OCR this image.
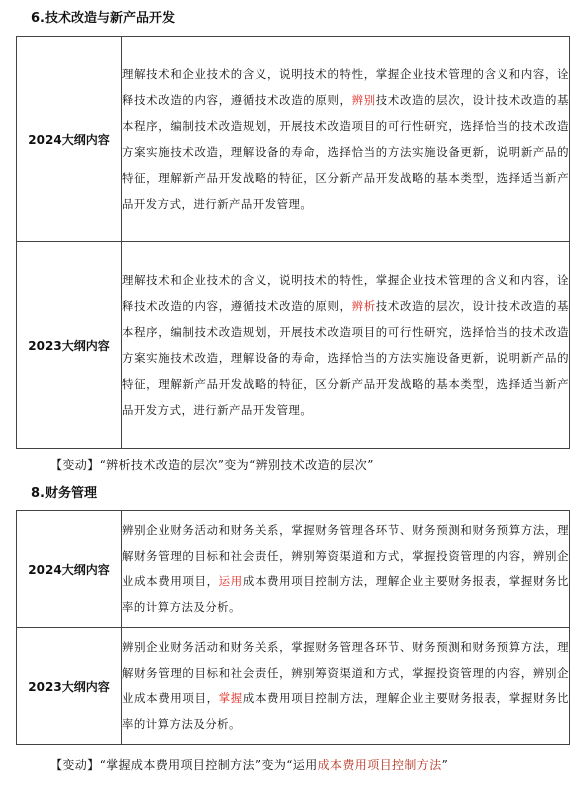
6.技术改造与新产品开发
2024大纲内容	理解技术和企业技术的含义，说明技术的特性，掌握企业技术管理的含义和内容，诠释技术改造的内容，遵循技术改造的原则，辨别技术改造的层次，设计技术改造的基本程序，编制技术改造规划，开展技术改造项目的可行性研究，选择恰当的技术改造方案实施技术改造，理解设备的寿命，选择恰当的方法实施设备更新，说明新产品的特征，理解新产品开发战略的特征，区分新产品开发战略的基本类型，选择适当新产品开发方式，进行新产品开发管理。
2023大纲内容	理解技术和企业技术的含义，说明技术的特性，掌握企业技术管理的含义和内容，诠释技术改造的内容，遵循技术改造的原则，辨析技术改造的层次，设计技术改造的基本程序，编制技术改造规划，开展技术改造项目的可行性研究，选择恰当的技术改造方案实施技术改造，理解设备的寿命，选择恰当的方法实施设备更新，说明新产品的特征，理解新产品开发战略的特征，区分新产品开发战略的基本类型，选择适当新产品开发方式，进行新产品开发管理。
【变动】“辨析技术改造的层次”变为“辨别技术改造的层次”
8.财务管理
2024大纲内容	辨别企业财务活动和财务关系，掌握财务管理各环节、财务预测和财务预算方法，理解财务管理的目标和社会责任，辨别筹资渠道和方式，掌握投资管理的内容，辨别企业成本费用项目，运用成本费用项目控制方法，理解企业主要财务报表，掌握财务比率的计算方法及分析。
2023大纲内容	辨别企业财务活动和财务关系，掌握财务管理各环节、财务预测和财务预算方法，理解财务管理的目标和社会责任，辨别筹资渠道和方式，掌握投资管理的内容，辨别企业成本费用项目，掌握成本费用项目控制方法，理解企业主要财务报表，掌握财务比率的计算方法及分析。
【变动】“掌握成本费用项目控制方法”变为“运用成本费用项目控制方法”
